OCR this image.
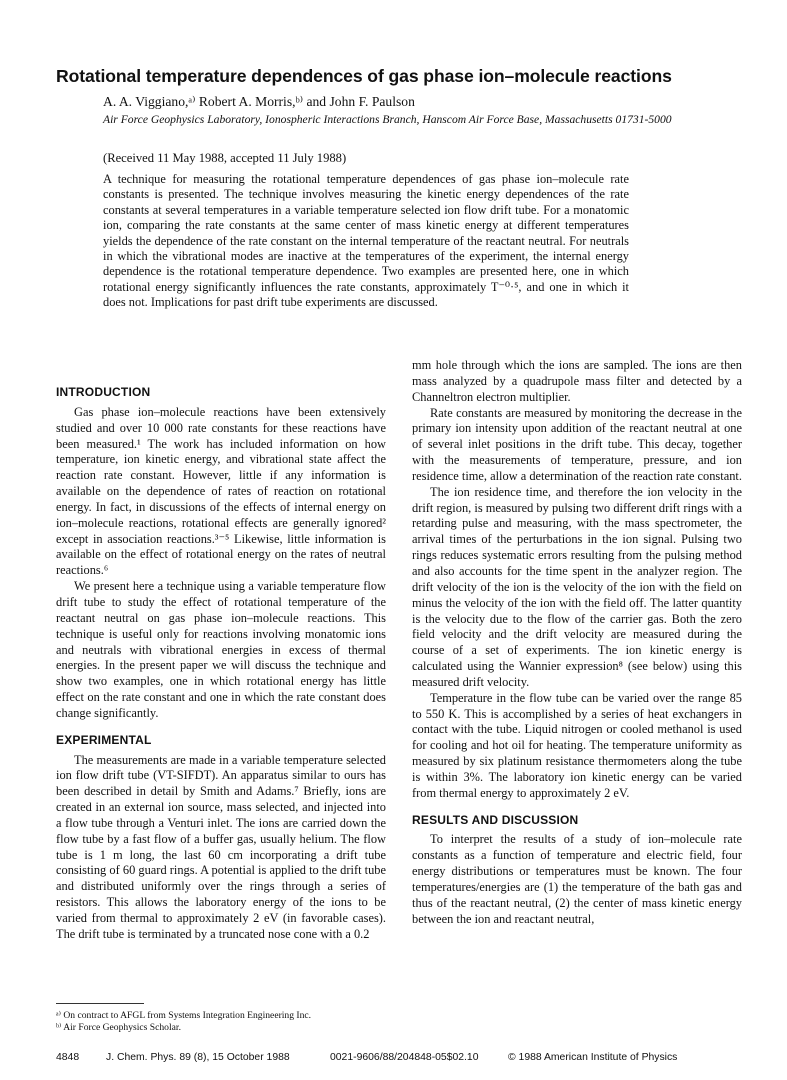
Rotational temperature dependences of gas phase ion–molecule reactions
A. A. Viggiano,ᵃ⁾ Robert A. Morris,ᵇ⁾ and John F. Paulson
Air Force Geophysics Laboratory, Ionospheric Interactions Branch, Hanscom Air Force Base, Massachusetts 01731-5000
(Received 11 May 1988, accepted 11 July 1988)
A technique for measuring the rotational temperature dependences of gas phase ion–molecule rate constants is presented. The technique involves measuring the kinetic energy dependences of the rate constants at several temperatures in a variable temperature selected ion flow drift tube. For a monatomic ion, comparing the rate constants at the same center of mass kinetic energy at different temperatures yields the dependence of the rate constant on the internal temperature of the reactant neutral. For neutrals in which the vibrational modes are inactive at the temperatures of the experiment, the internal energy dependence is the rotational temperature dependence. Two examples are presented here, one in which rotational energy significantly influences the rate constants, approximately T⁻⁰·⁵, and one in which it does not. Implications for past drift tube experiments are discussed.
INTRODUCTION

Gas phase ion–molecule reactions have been extensively studied and over 10 000 rate constants for these reactions have been measured.¹ The work has included information on how temperature, ion kinetic energy, and vibrational state affect the reaction rate constant. However, little if any information is available on the dependence of rates of reaction on rotational energy. In fact, in discussions of the effects of internal energy on ion–molecule reactions, rotational effects are generally ignored² except in association reactions.³⁻⁵ Likewise, little information is available on the effect of rotational energy on the rates of neutral reactions.⁶

We present here a technique using a variable temperature flow drift tube to study the effect of rotational temperature of the reactant neutral on gas phase ion–molecule reactions. This technique is useful only for reactions involving monatomic ions and neutrals with vibrational energies in excess of thermal energies. In the present paper we will discuss the technique and show two examples, one in which rotational energy has little effect on the rate constant and one in which the rate constant does change significantly.

EXPERIMENTAL

The measurements are made in a variable temperature selected ion flow drift tube (VT-SIFDT). An apparatus similar to ours has been described in detail by Smith and Adams.⁷ Briefly, ions are created in an external ion source, mass selected, and injected into a flow tube through a Venturi inlet. The ions are carried down the flow tube by a fast flow of a buffer gas, usually helium. The flow tube is 1 m long, the last 60 cm incorporating a drift tube consisting of 60 guard rings. A potential is applied to the drift tube and distributed uniformly over the rings through a series of resistors. This allows the laboratory energy of the ions to be varied from thermal to approximately 2 eV (in favorable cases). The drift tube is terminated by a truncated nose cone with a 0.2

mm hole through which the ions are sampled. The ions are then mass analyzed by a quadrupole mass filter and detected by a Channeltron electron multiplier.

Rate constants are measured by monitoring the decrease in the primary ion intensity upon addition of the reactant neutral at one of several inlet positions in the drift tube. This decay, together with the measurements of temperature, pressure, and ion residence time, allow a determination of the reaction rate constant.

The ion residence time, and therefore the ion velocity in the drift region, is measured by pulsing two different drift rings with a retarding pulse and measuring, with the mass spectrometer, the arrival times of the perturbations in the ion signal. Pulsing two rings reduces systematic errors resulting from the pulsing method and also accounts for the time spent in the analyzer region. The drift velocity of the ion is the velocity of the ion with the field on minus the velocity of the ion with the field off. The latter quantity is the velocity due to the flow of the carrier gas. Both the zero field velocity and the drift velocity are measured during the course of a set of experiments. The ion kinetic energy is calculated using the Wannier expression⁸ (see below) using this measured drift velocity.

Temperature in the flow tube can be varied over the range 85 to 550 K. This is accomplished by a series of heat exchangers in contact with the tube. Liquid nitrogen or cooled methanol is used for cooling and hot oil for heating. The temperature uniformity as measured by six platinum resistance thermometers along the tube is within 3%. The laboratory ion kinetic energy can be varied from thermal energy to approximately 2 eV.

RESULTS AND DISCUSSION

To interpret the results of a study of ion–molecule rate constants as a function of temperature and electric field, four energy distributions or temperatures must be known. The four temperatures/energies are (1) the temperature of the bath gas and thus of the reactant neutral, (2) the center of mass kinetic energy between the ion and reactant neutral,

ᵃ⁾ On contract to AFGL from Systems Integration Engineering Inc.
ᵇ⁾ Air Force Geophysics Scholar.
4848	J. Chem. Phys. 89 (8), 15 October 1988	0021-9606/88/204848-05$02.10	© 1988 American Institute of Physics
